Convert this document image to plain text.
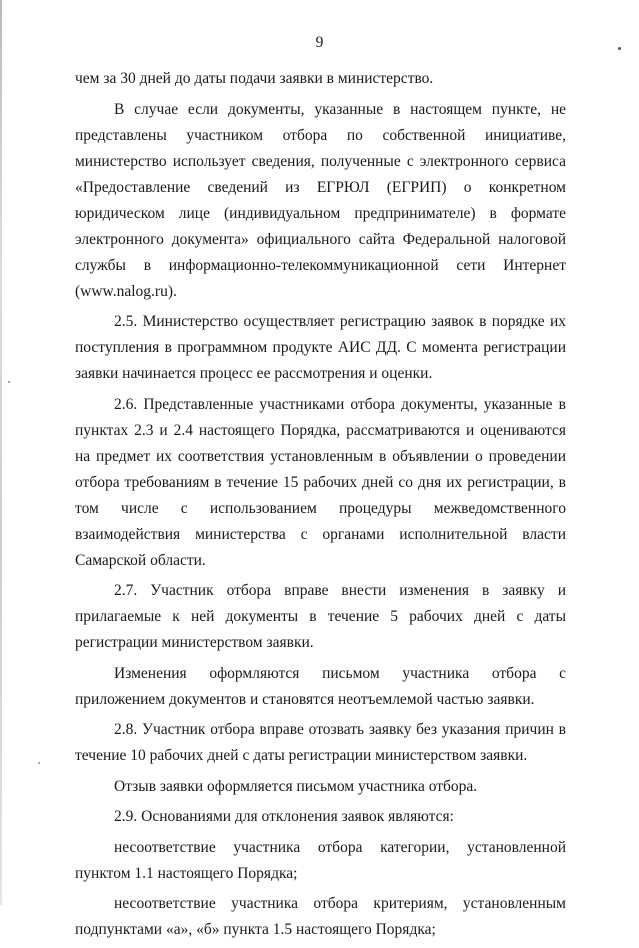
9

чем за 30 дней до даты подачи заявки в министерство.

В случае если документы, указанные в настоящем пункте, не представлены участником отбора по собственной инициативе, министерство использует сведения, полученные с электронного сервиса «Предоставление сведений из ЕГРЮЛ (ЕГРИП) о конкретном юридическом лице (индивидуальном предпринимателе) в формате электронного документа» официального сайта Федеральной налоговой службы в информационно-телекоммуникационной сети Интернет (www.nalog.ru).

2.5. Министерство осуществляет регистрацию заявок в порядке их поступления в программном продукте АИС ДД. С момента регистрации заявки начинается процесс ее рассмотрения и оценки.

2.6. Представленные участниками отбора документы, указанные в пунктах 2.3 и 2.4 настоящего Порядка, рассматриваются и оцениваются на предмет их соответствия установленным в объявлении о проведении отбора требованиям в течение 15 рабочих дней со дня их регистрации, в том числе с использованием процедуры межведомственного взаимодействия министерства с органами исполнительной власти Самарской области.

2.7. Участник отбора вправе внести изменения в заявку и прилагаемые к ней документы в течение 5 рабочих дней с даты регистрации министерством заявки.

Изменения оформляются письмом участника отбора с приложением документов и становятся неотъемлемой частью заявки.

2.8. Участник отбора вправе отозвать заявку без указания причин в течение 10 рабочих дней с даты регистрации министерством заявки.

Отзыв заявки оформляется письмом участника отбора.

2.9. Основаниями для отклонения заявок являются:

несоответствие участника отбора категории, установленной пунктом 1.1 настоящего Порядка;

несоответствие участника отбора критериям, установленным подпунктами «а», «б» пункта 1.5 настоящего Порядка;
